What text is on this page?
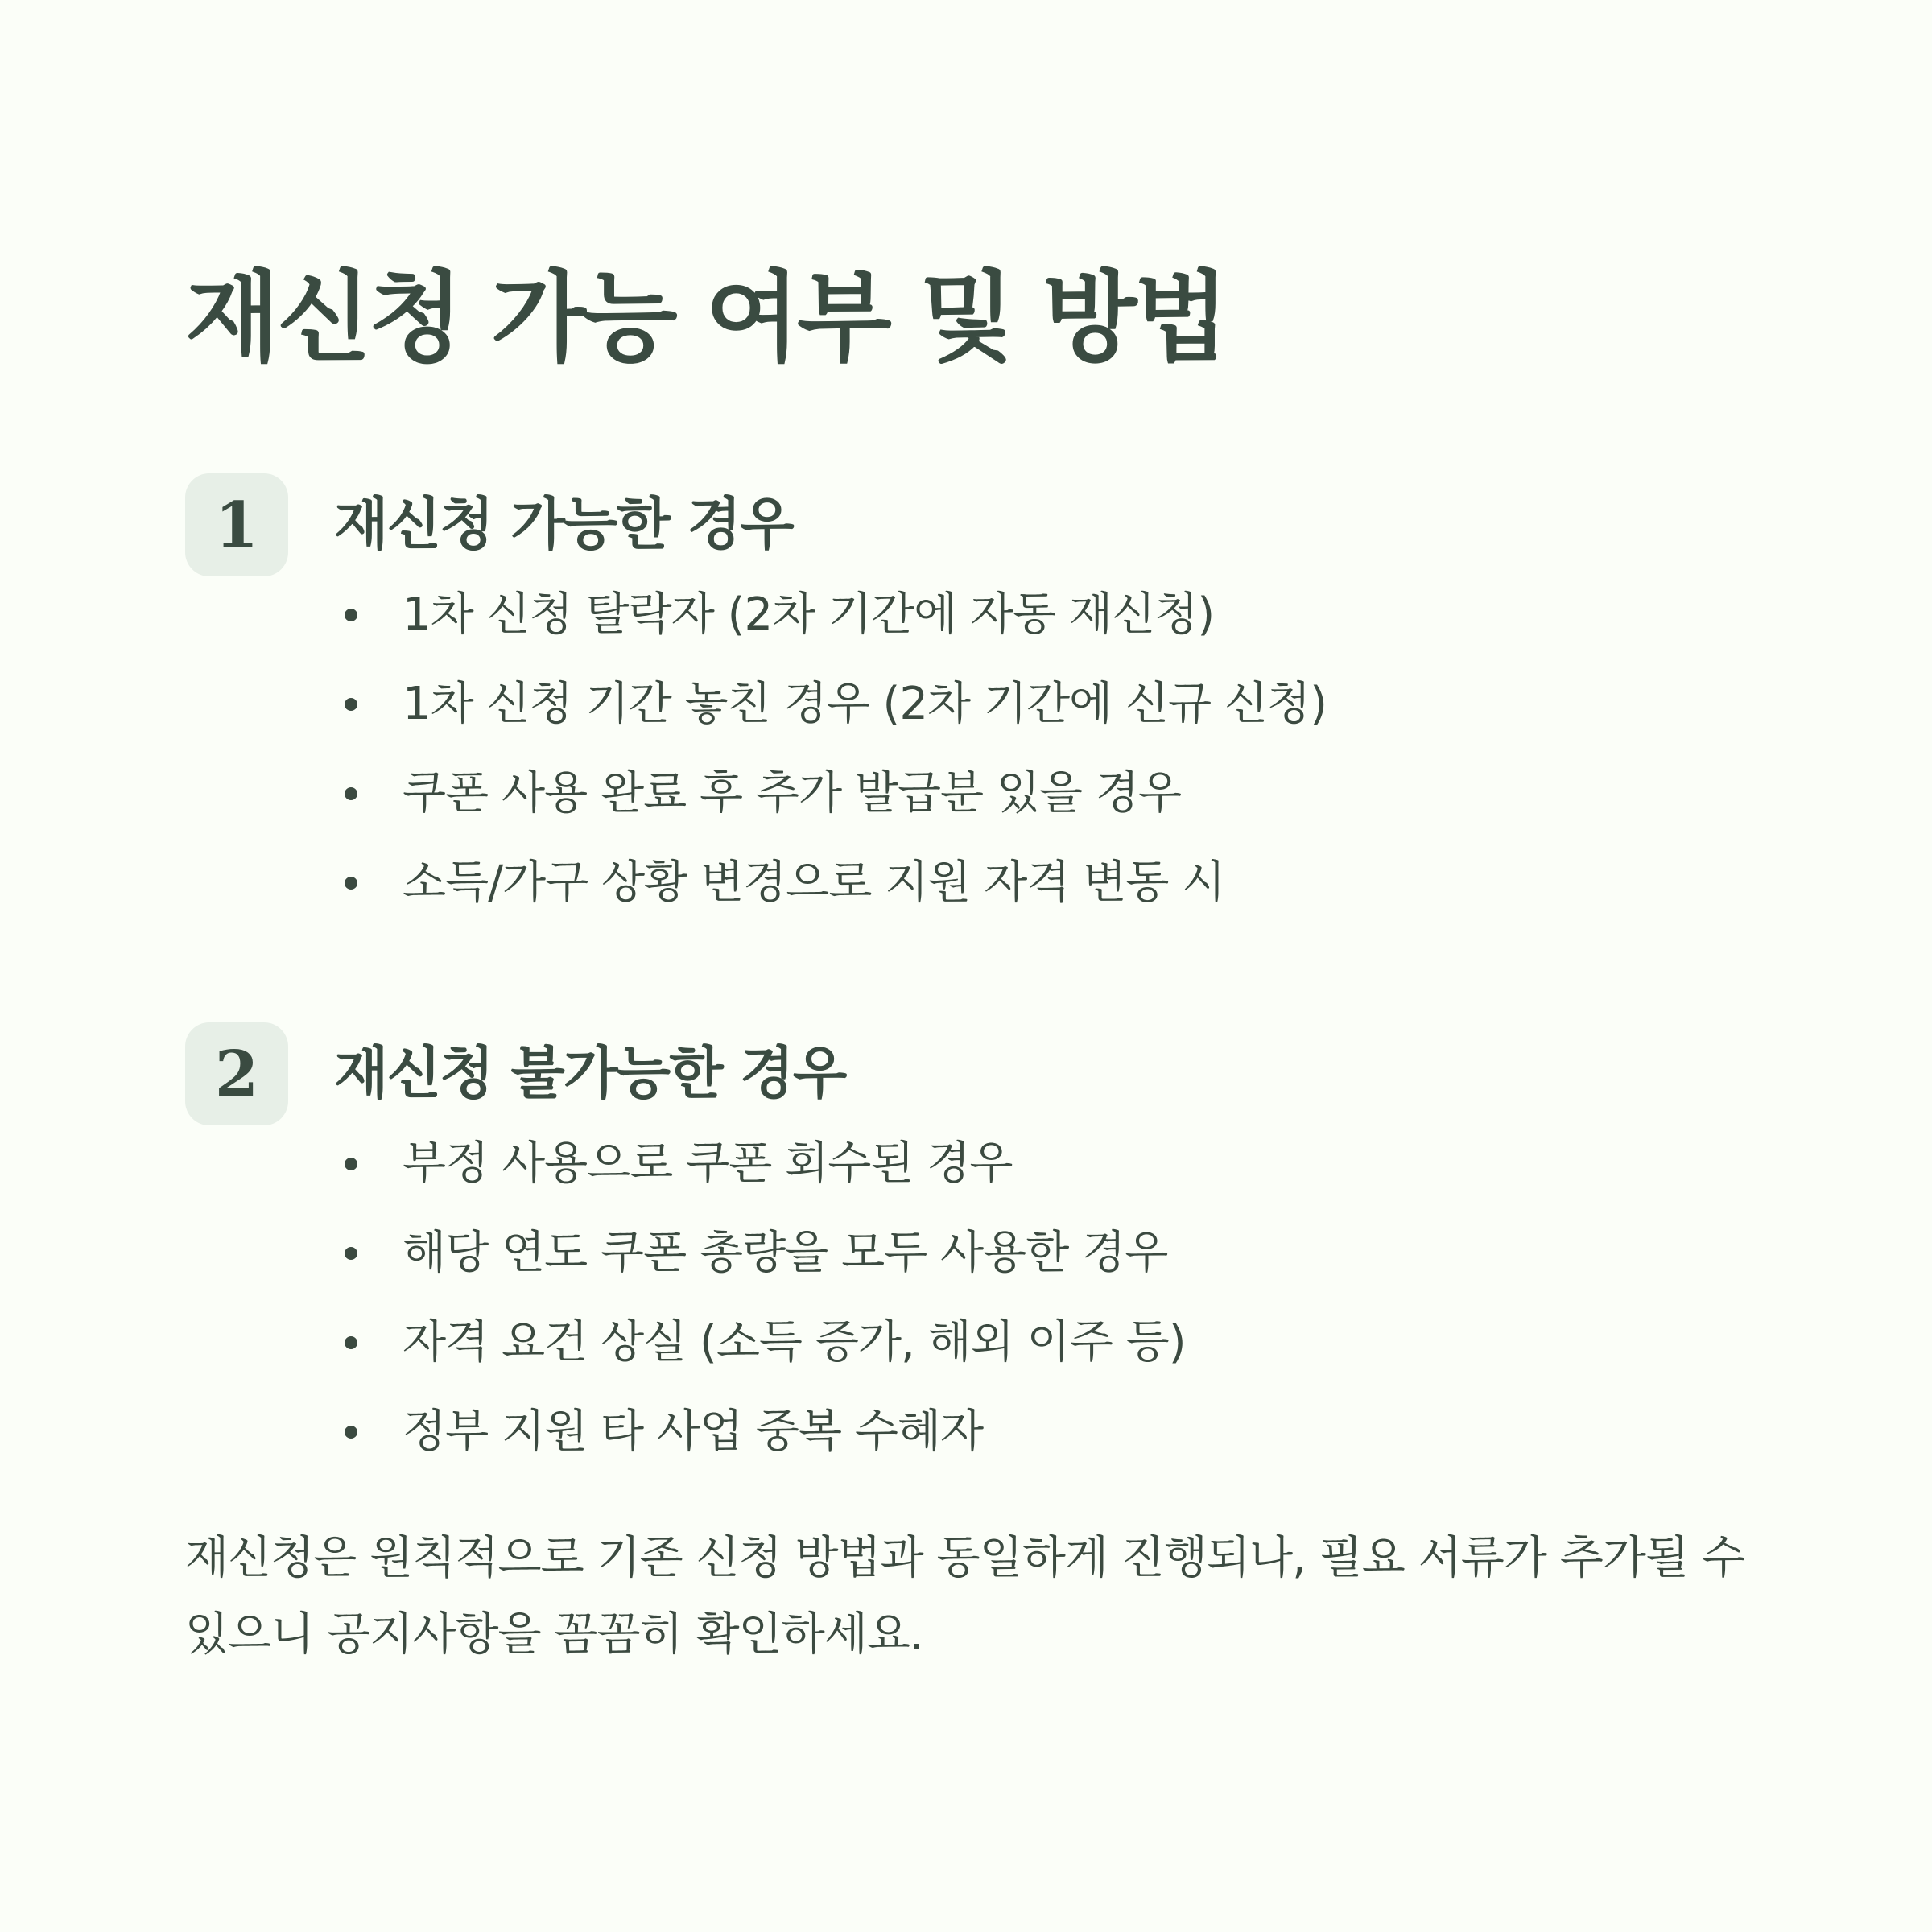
재신청 가능 여부 및 방법
1	재신청 가능한 경우
1차 신청 탈락자 (2차 기간에 자동 재신청)
1차 신청 기간 놓친 경우 (2차 기간에 신규 신청)
쿠폰 사용 완료 후 추가 발급분 있을 경우
소득/가구 상황 변경으로 지원 자격 변동 시
2	재신청 불가능한 경우
부정 사용으로 쿠폰 회수된 경우
해당 연도 쿠폰 총량을 모두 사용한 경우
자격 요건 상실 (소득 증가, 해외 이주 등)
정부 지원 타 사업 중복 수혜자

재신청은 원칙적으로 기존 신청 방법과 동일하게 진행되나, 필요 서류가 추가될 수 있으니 공지사항을 꼼꼼히 확인하세요.
